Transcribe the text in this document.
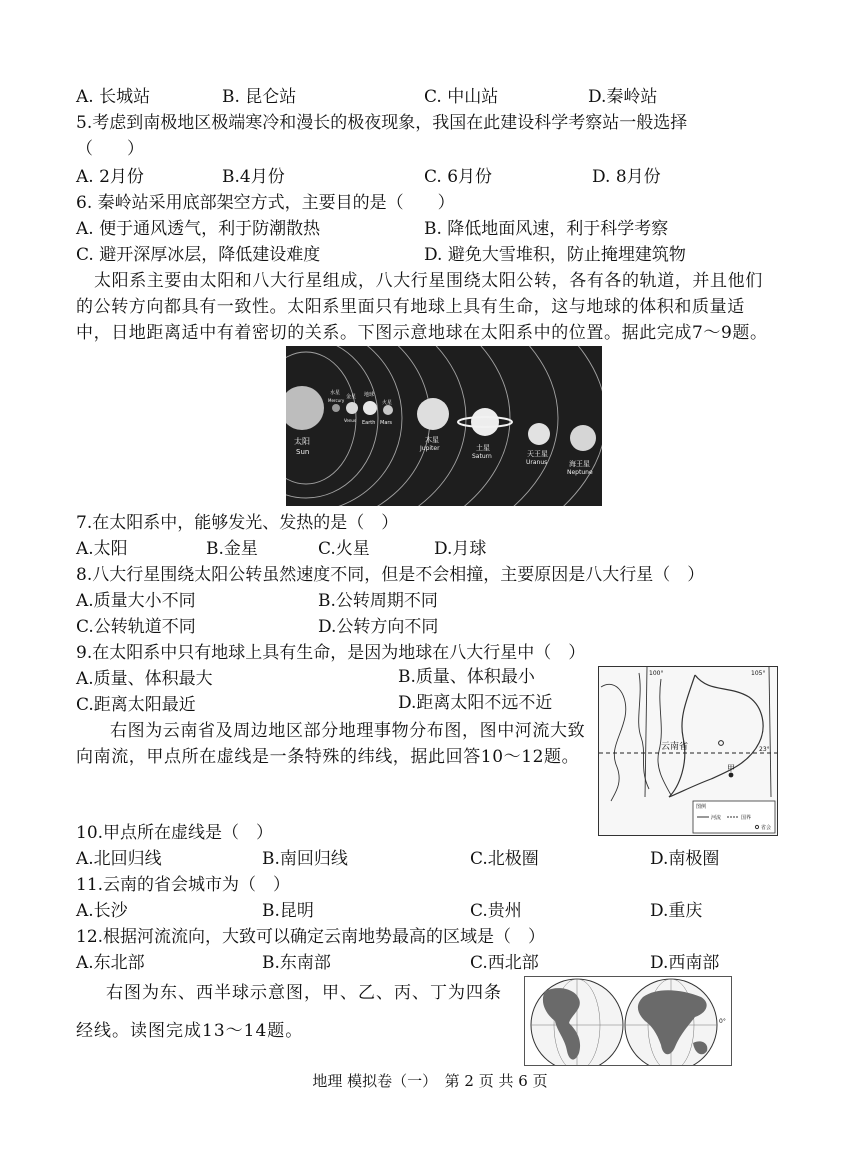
A. 长城站	B. 昆仑站	C. 中山站	D.秦岭站
5.考虑到南极地区极端寒冷和漫长的极夜现象，我国在此建设科学考察站一般选择
（　　）
A. 2月份	B.4月份	C. 6月份	D. 8月份
6. 秦岭站采用底部架空方式，主要目的是（　　）
A. 便于通风透气，利于防潮散热	B. 降低地面风速，利于科学考察
C. 避开深厚冰层，降低建设难度	D. 避免大雪堆积，防止掩埋建筑物
太阳系主要由太阳和八大行星组成，八大行星围绕太阳公转，各有各的轨道，并且他们的公转方向都具有一致性。太阳系里面只有地球上具有生命，这与地球的体积和质量适中，日地距离适中有着密切的关系。下图示意地球在太阳系中的位置。据此完成7～9题。
太阳
Sun
水星
Mercury
金星
Venus
地球
Earth
火星
Mars
木星
Jupiter	土星
Saturn	天王星
Uranus	海王星
Neptune
7.在太阳系中，能够发光、发热的是（　）
A.太阳	B.金星	C.火星	D.月球
8.八大行星围绕太阳公转虽然速度不同，但是不会相撞，主要原因是八大行星（　）
A.质量大小不同	B.公转周期不同
C.公转轨道不同	D.公转方向不同
9.在太阳系中只有地球上具有生命，是因为地球在八大行星中（　）
A.质量、体积最大	B.质量、体积最小
C.距离太阳最近	D.距离太阳不远不近
云南省
甲
23°
100°	105°
图例
河流	国界
省会
右图为云南省及周边地区部分地理事物分布图，图中河流大致向南流，甲点所在虚线是一条特殊的纬线，据此回答10～12题。
10.甲点所在虚线是（　）
A.北回归线	B.南回归线	C.北极圈	D.南极圈
11.云南的省会城市为（　）
A.长沙	B.昆明	C.贵州	D.重庆
12.根据河流流向，大致可以确定云南地势最高的区域是（　）
A.东北部	B.东南部	C.西北部	D.西南部
右图为东、西半球示意图，甲、乙、丙、丁为四条
经线。读图完成13～14题。	0°
地理 模拟卷（一）　第 2 页 共 6 页
